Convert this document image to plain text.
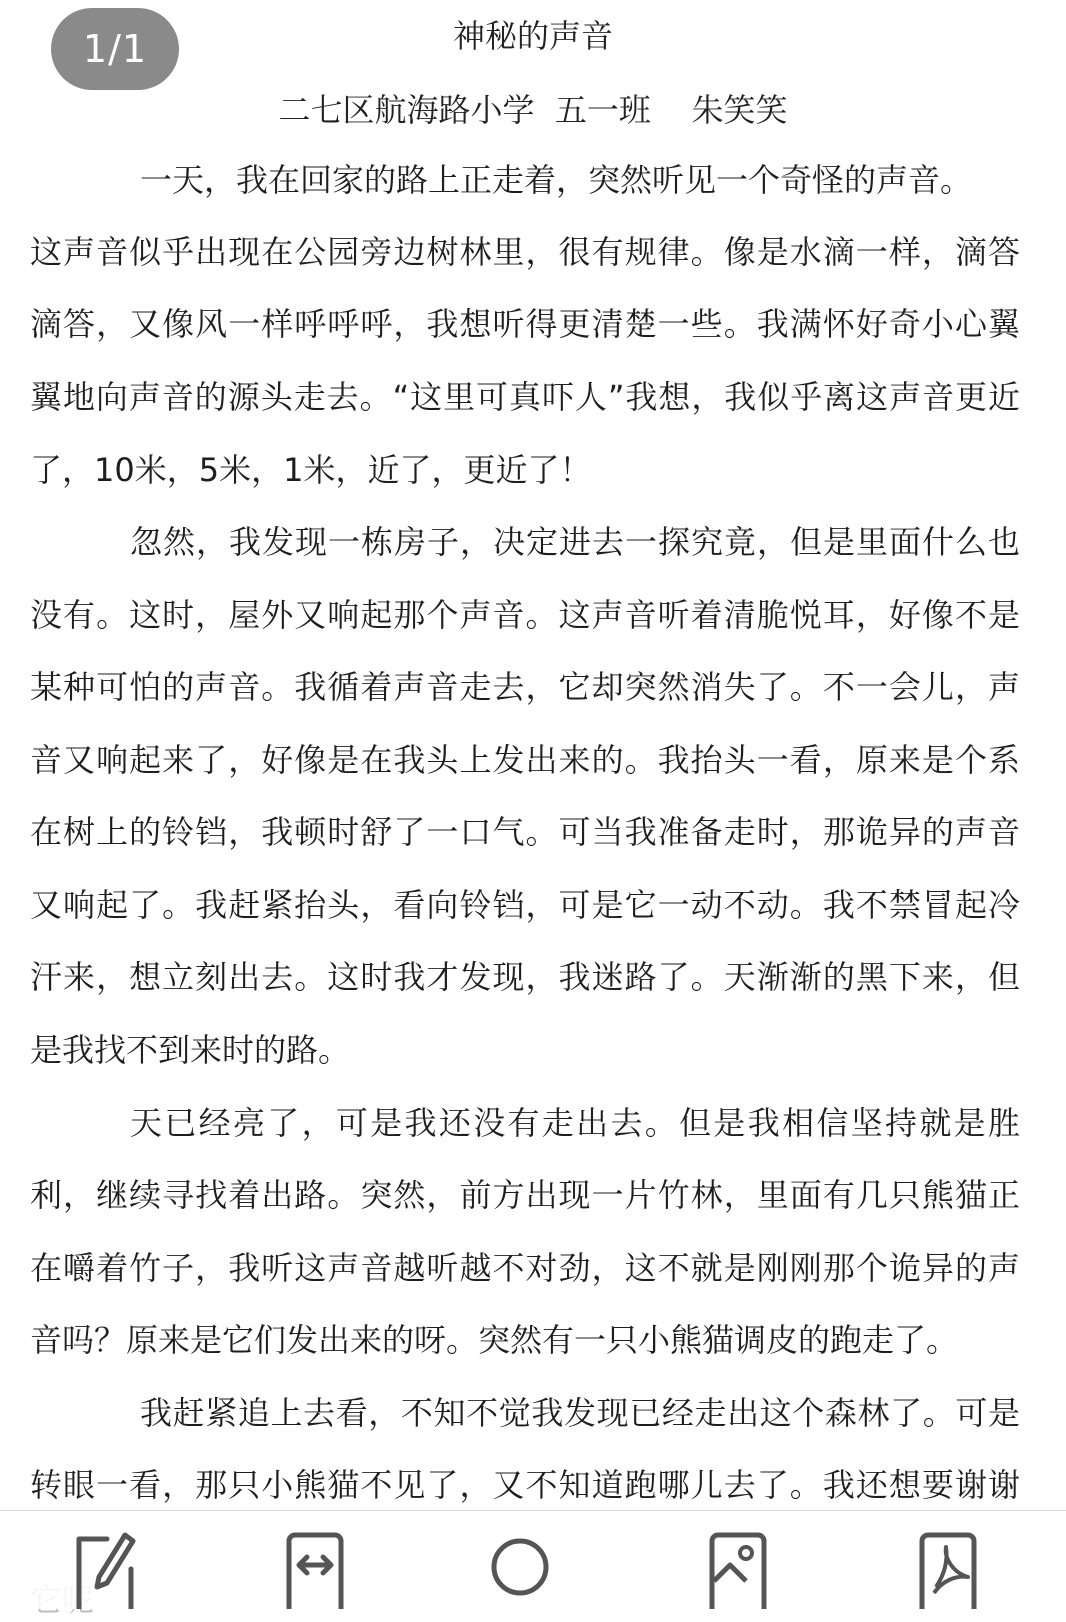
1/1	神秘的声音
二七区航海路小学  五一班    朱笑笑
一天，我在回家的路上正走着，突然听见一个奇怪的声音。
这声音似乎出现在公园旁边树林里，很有规律。像是水滴一样，滴答
滴答，又像风一样呼呼呼，我想听得更清楚一些。我满怀好奇小心翼
翼地向声音的源头走去。“这里可真吓人”我想，我似乎离这声音更近
了，10米，5米，1米，近了，更近了！
忽然，我发现一栋房子，决定进去一探究竟，但是里面什么也
没有。这时，屋外又响起那个声音。这声音听着清脆悦耳，好像不是
某种可怕的声音。我循着声音走去，它却突然消失了。不一会儿，声
音又响起来了，好像是在我头上发出来的。我抬头一看，原来是个系
在树上的铃铛，我顿时舒了一口气。可当我准备走时，那诡异的声音
又响起了。我赶紧抬头，看向铃铛，可是它一动不动。我不禁冒起冷
汗来，想立刻出去。这时我才发现，我迷路了。天渐渐的黑下来，但
是我找不到来时的路。
天已经亮了，可是我还没有走出去。但是我相信坚持就是胜
利，继续寻找着出路。突然，前方出现一片竹林，里面有几只熊猫正
在嚼着竹子，我听这声音越听越不对劲，这不就是刚刚那个诡异的声
音吗？原来是它们发出来的呀。突然有一只小熊猫调皮的跑走了。
我赶紧追上去看，不知不觉我发现已经走出这个森林了。可是
转眼一看，那只小熊猫不见了，又不知道跑哪儿去了。我还想要谢谢
